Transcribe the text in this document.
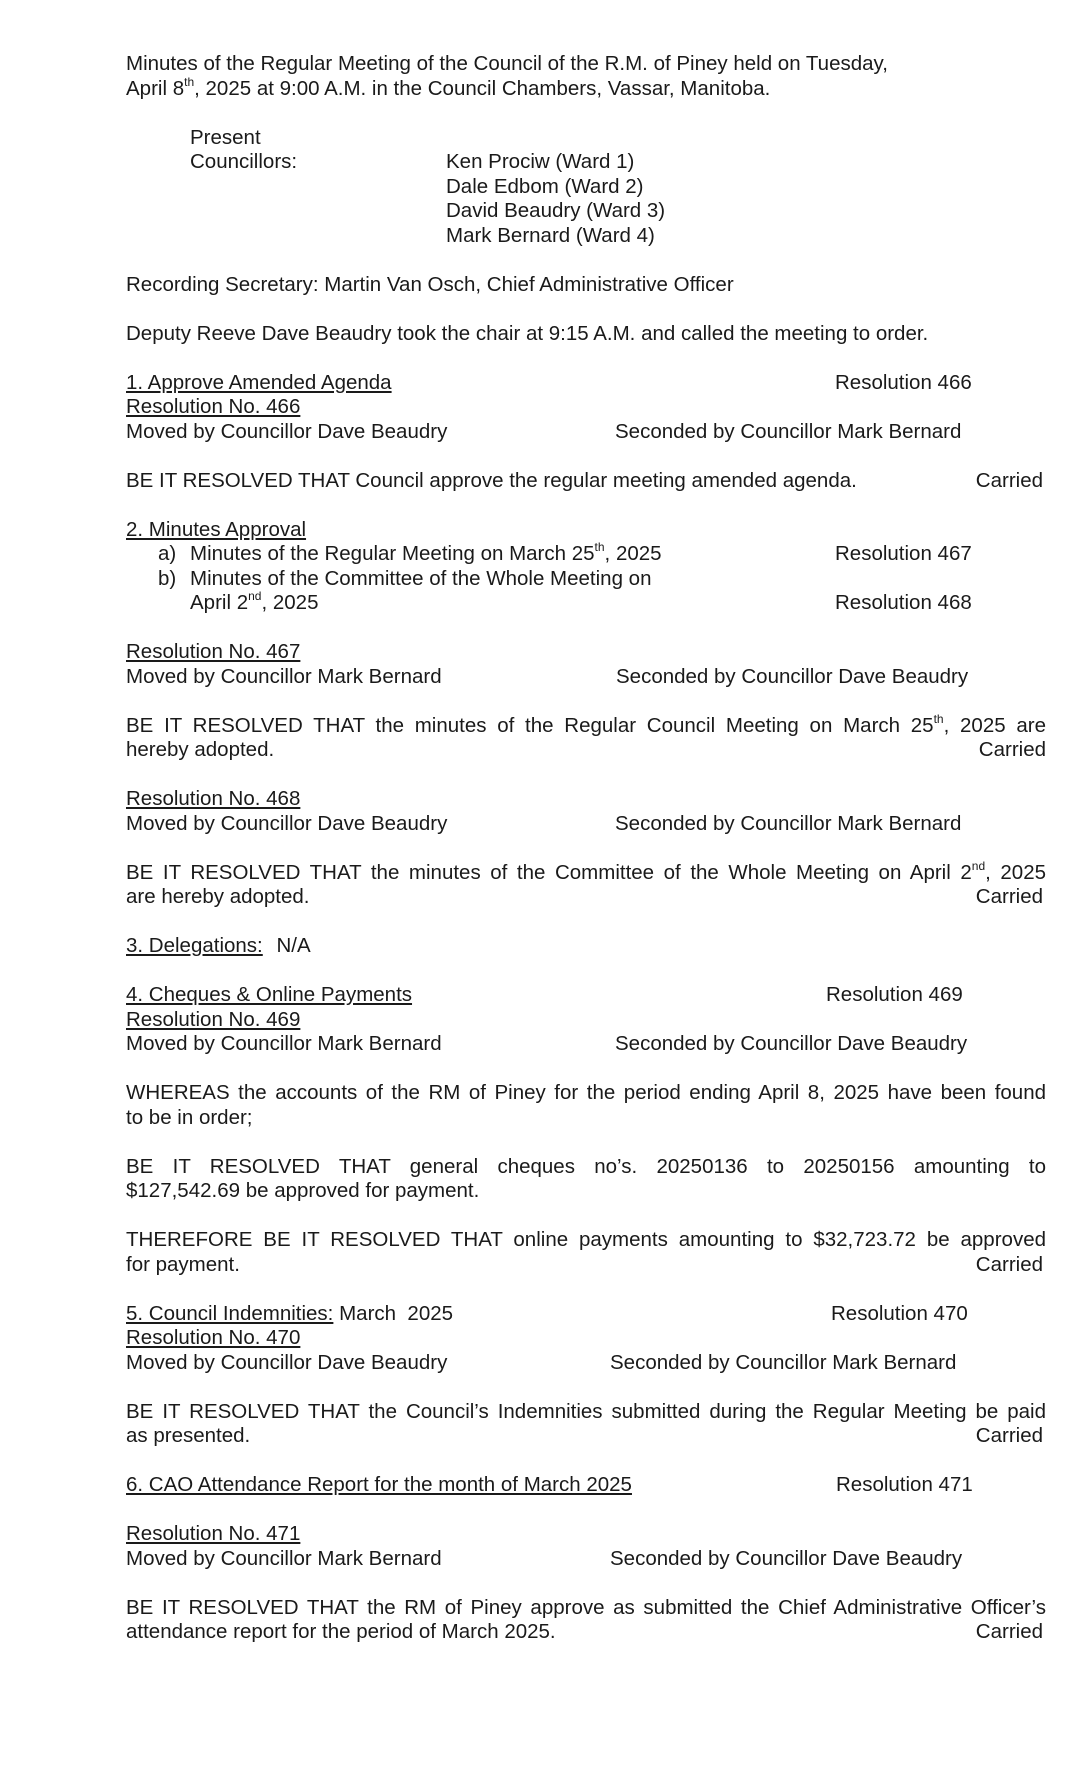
Minutes of the Regular Meeting of the Council of the R.M. of Piney held on Tuesday,
April 8th, 2025 at 9:00 A.M. in the Council Chambers, Vassar, Manitoba.
Present
Councillors:	Ken Prociw (Ward 1)
Dale Edbom (Ward 2)
David Beaudry (Ward 3)
Mark Bernard (Ward 4)
Recording Secretary: Martin Van Osch, Chief Administrative Officer
Deputy Reeve Dave Beaudry took the chair at 9:15 A.M. and called the meeting to order.
1. Approve Amended Agenda	Resolution 466
Resolution No. 466
Moved by Councillor Dave Beaudry	Seconded by Councillor Mark Bernard
BE IT RESOLVED THAT Council approve the regular meeting amended agenda.	Carried
2. Minutes Approval
a) Minutes of the Regular Meeting on March 25th, 2025	Resolution 467
b) Minutes of the Committee of the Whole Meeting on
April 2nd, 2025	Resolution 468
Resolution No. 467
Moved by Councillor Mark Bernard	Seconded by Councillor Dave Beaudry
BE IT RESOLVED THAT the minutes of the Regular Council Meeting on March 25th, 2025 are
hereby adopted.	Carried
Resolution No. 468
Moved by Councillor Dave Beaudry	Seconded by Councillor Mark Bernard
BE IT RESOLVED THAT the minutes of the Committee of the Whole Meeting on April 2nd, 2025
are hereby adopted.	Carried
3. Delegations: N/A
4. Cheques & Online Payments	Resolution 469
Resolution No. 469
Moved by Councillor Mark Bernard	Seconded by Councillor Dave Beaudry
WHEREAS the accounts of the RM of Piney for the period ending April 8, 2025 have been found
to be in order;
BE IT RESOLVED THAT general cheques no’s. 20250136 to 20250156 amounting to
$127,542.69 be approved for payment.
THEREFORE BE IT RESOLVED THAT online payments amounting to $32,723.72 be approved
for payment.	Carried
5. Council Indemnities: March  2025	Resolution 470
Resolution No. 470
Moved by Councillor Dave Beaudry	Seconded by Councillor Mark Bernard
BE IT RESOLVED THAT the Council’s Indemnities submitted during the Regular Meeting be paid
as presented.	Carried
6. CAO Attendance Report for the month of March 2025	Resolution 471
Resolution No. 471
Moved by Councillor Mark Bernard	Seconded by Councillor Dave Beaudry
BE IT RESOLVED THAT the RM of Piney approve as submitted the Chief Administrative Officer’s
attendance report for the period of March 2025.	Carried
